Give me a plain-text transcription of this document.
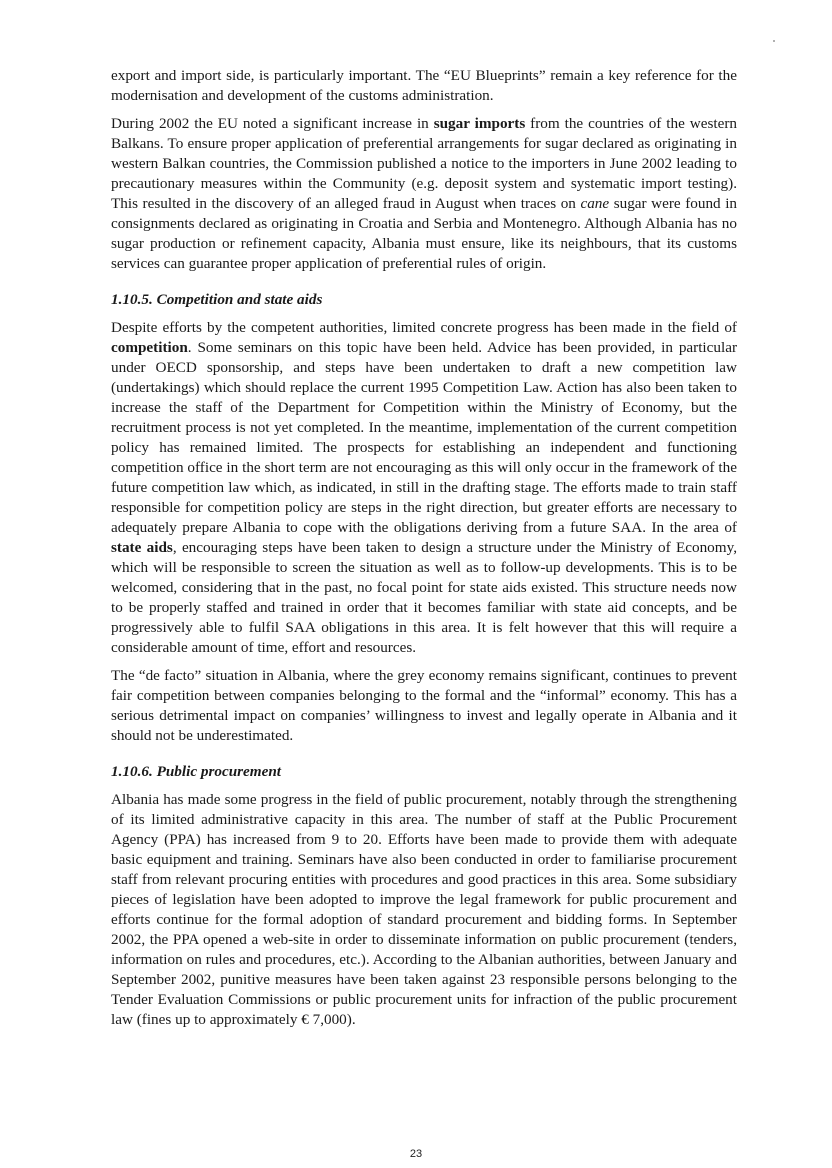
export and import side, is particularly important. The “EU Blueprints” remain a key reference for the modernisation and development of the customs administration.

During 2002 the EU noted a significant increase in sugar imports from the countries of the western Balkans. To ensure proper application of preferential arrangements for sugar declared as originating in western Balkan countries, the Commission published a notice to the importers in June 2002 leading to precautionary measures within the Community (e.g. deposit system and systematic import testing). This resulted in the discovery of an alleged fraud in August when traces on cane sugar were found in consignments declared as originating in Croatia and Serbia and Montenegro. Although Albania has no sugar production or refinement capacity, Albania must ensure, like its neighbours, that its customs services can guarantee proper application of preferential rules of origin.

1.10.5. Competition and state aids

Despite efforts by the competent authorities, limited concrete progress has been made in the field of competition. Some seminars on this topic have been held. Advice has been provided, in particular under OECD sponsorship, and steps have been undertaken to draft a new competition law (undertakings) which should replace the current 1995 Competition Law. Action has also been taken to increase the staff of the Department for Competition within the Ministry of Economy, but the recruitment process is not yet completed. In the meantime, implementation of the current competition policy has remained limited. The prospects for establishing an independent and functioning competition office in the short term are not encouraging as this will only occur in the framework of the future competition law which, as indicated, in still in the drafting stage. The efforts made to train staff responsible for competition policy are steps in the right direction, but greater efforts are necessary to adequately prepare Albania to cope with the obligations deriving from a future SAA. In the area of state aids, encouraging steps have been taken to design a structure under the Ministry of Economy, which will be responsible to screen the situation as well as to follow-up developments. This is to be welcomed, considering that in the past, no focal point for state aids existed. This structure needs now to be properly staffed and trained in order that it becomes familiar with state aid concepts, and be progressively able to fulfil SAA obligations in this area. It is felt however that this will require a considerable amount of time, effort and resources.

The “de facto” situation in Albania, where the grey economy remains significant, continues to prevent fair competition between companies belonging to the formal and the “informal” economy. This has a serious detrimental impact on companies’ willingness to invest and legally operate in Albania and it should not be underestimated.

1.10.6. Public procurement

Albania has made some progress in the field of public procurement, notably through the strengthening of its limited administrative capacity in this area. The number of staff at the Public Procurement Agency (PPA) has increased from 9 to 20. Efforts have been made to provide them with adequate basic equipment and training. Seminars have also been conducted in order to familiarise procurement staff from relevant procuring entities with procedures and good practices in this area. Some subsidiary pieces of legislation have been adopted to improve the legal framework for public procurement and efforts continue for the formal adoption of standard procurement and bidding forms. In September 2002, the PPA opened a web-site in order to disseminate information on public procurement (tenders, information on rules and procedures, etc.). According to the Albanian authorities, between January and September 2002, punitive measures have been taken against 23 responsible persons belonging to the Tender Evaluation Commissions or public procurement units for infraction of the public procurement law (fines up to approximately € 7,000).

23
